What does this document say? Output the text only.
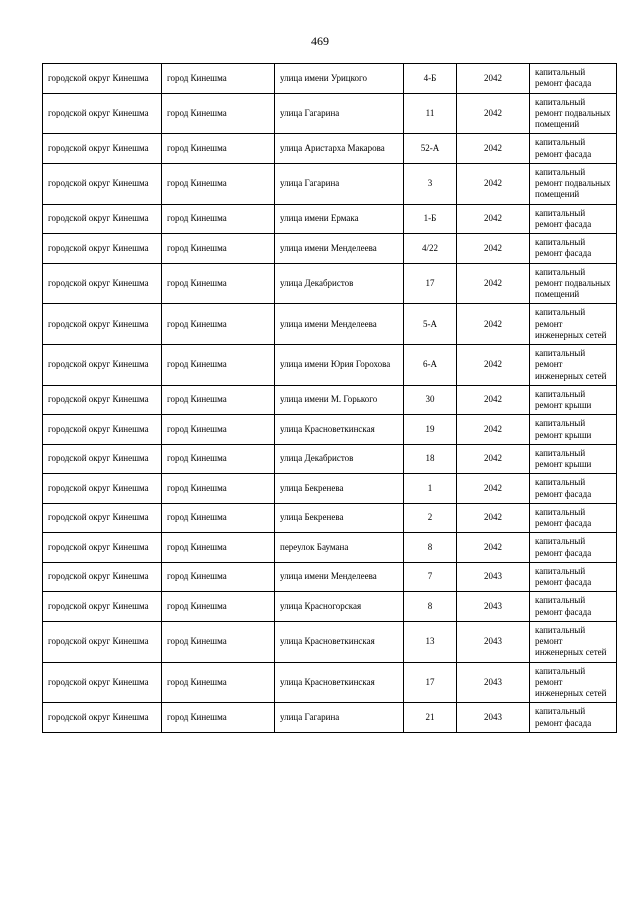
469
городской округ Кинешма	город Кинешма	улица имени Урицкого	4-Б	2042	капитальный ремонт фасада
городской округ Кинешма	город Кинешма	улица Гагарина	11	2042	капитальный ремонт подвальных помещений
городской округ Кинешма	город Кинешма	улица Аристарха Макарова	52-А	2042	капитальный ремонт фасада
городской округ Кинешма	город Кинешма	улица Гагарина	3	2042	капитальный ремонт подвальных помещений
городской округ Кинешма	город Кинешма	улица имени Ермака	1-Б	2042	капитальный ремонт фасада
городской округ Кинешма	город Кинешма	улица имени Менделеева	4/22	2042	капитальный ремонт фасада
городской округ Кинешма	город Кинешма	улица Декабристов	17	2042	капитальный ремонт подвальных помещений
городской округ Кинешма	город Кинешма	улица имени Менделеева	5-А	2042	капитальный ремонт инженерных сетей
городской округ Кинешма	город Кинешма	улица имени Юрия Горохова	6-А	2042	капитальный ремонт инженерных сетей
городской округ Кинешма	город Кинешма	улица имени М. Горького	30	2042	капитальный ремонт крыши
городской округ Кинешма	город Кинешма	улица Красноветкинская	19	2042	капитальный ремонт крыши
городской округ Кинешма	город Кинешма	улица Декабристов	18	2042	капитальный ремонт крыши
городской округ Кинешма	город Кинешма	улица Бекренева	1	2042	капитальный ремонт фасада
городской округ Кинешма	город Кинешма	улица Бекренева	2	2042	капитальный ремонт фасада
городской округ Кинешма	город Кинешма	переулок Баумана	8	2042	капитальный ремонт фасада
городской округ Кинешма	город Кинешма	улица имени Менделеева	7	2043	капитальный ремонт фасада
городской округ Кинешма	город Кинешма	улица Красногорская	8	2043	капитальный ремонт фасада
городской округ Кинешма	город Кинешма	улица Красноветкинская	13	2043	капитальный ремонт инженерных сетей
городской округ Кинешма	город Кинешма	улица Красноветкинская	17	2043	капитальный ремонт инженерных сетей
городской округ Кинешма	город Кинешма	улица Гагарина	21	2043	капитальный ремонт фасада
